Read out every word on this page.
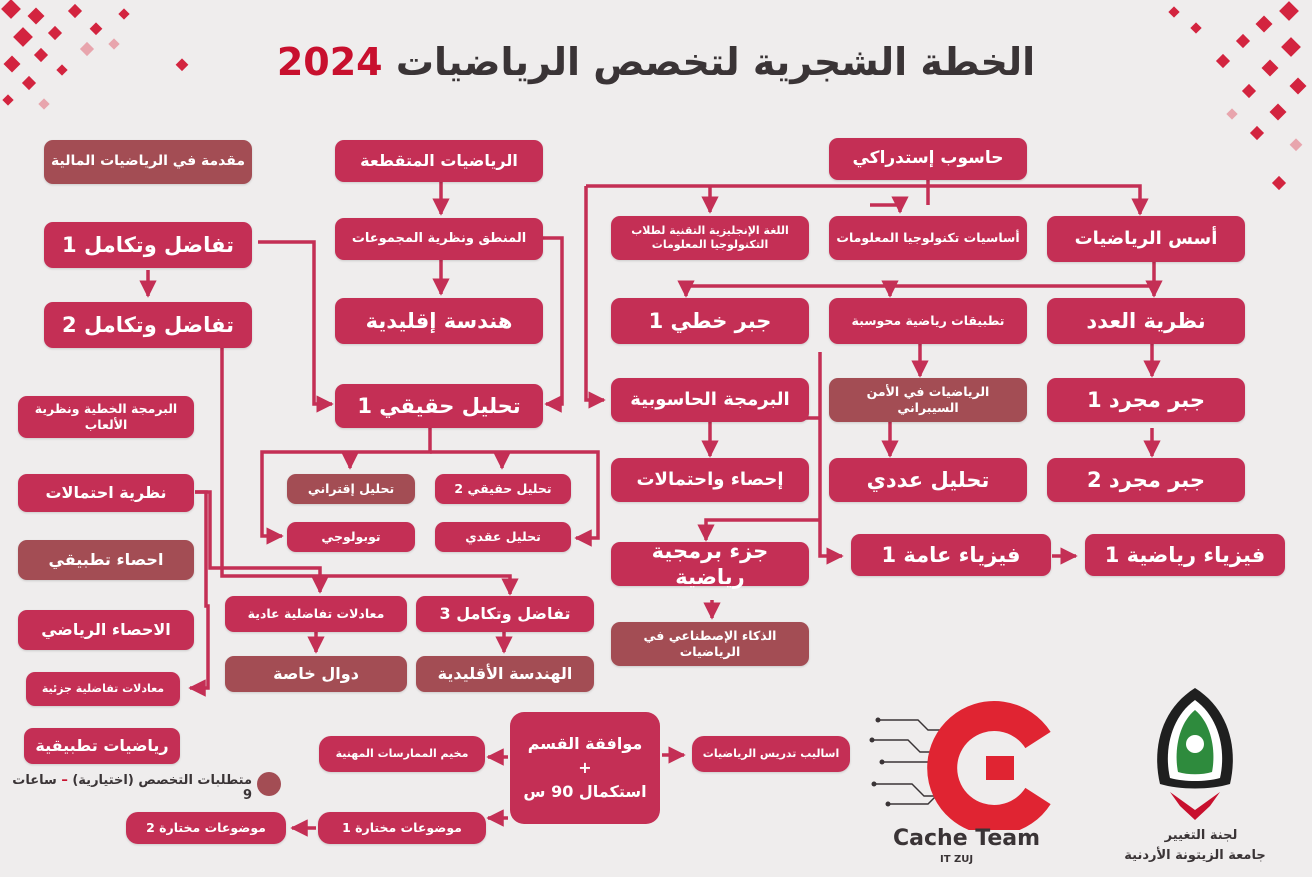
الخطة الشجرية لتخصص الرياضيات 2024
مقدمة في الرياضيات المالية
تفاضل وتكامل 1
تفاضل وتكامل 2
البرمجة الخطية ونظرية الألعاب
نظرية احتمالات
احصاء تطبيقي
الاحصاء الرياضي
معادلات تفاضلية جزئية
رياضيات تطبيقية
الرياضيات المتقطعة
المنطق ونظرية المجموعات
هندسة إقليدية
تحليل حقيقي 1
تحليل إقتراني	تحليل حقيقي 2
توبولوجي	تحليل عقدي
معادلات تفاضلية عادية	تفاضل وتكامل 3
دوال خاصة	الهندسة الأقليدية
حاسوب إستدراكي
اللغة الإنجليزية التقنية لطلاب التكنولوجيا المعلومات	أساسيات تكنولوجيا المعلومات	أسس الرياضيات
جبر خطي 1	تطبيقات رياضية محوسبة	نظرية العدد
البرمجة الحاسوبية	الرياضيات في الأمن السيبراني	جبر مجرد 1
إحصاء واحتمالات	تحليل عددي	جبر مجرد 2
جزء برمجية رياضية
فيزياء عامة 1	فيزياء رياضية 1
الذكاء الإصطناعي في الرياضيات
موافقة القسم
+
استكمال 90 س
مخيم الممارسات المهنية	اساليب تدريس الرياضيات
موضوعات مختارة 1
موضوعات مختارة 2
متطلبات التخصص (اختيارية) – ساعات 9
Cache Team
IT ZUJ
لجنة التغيير
جامعة الزيتونة الأردنية
